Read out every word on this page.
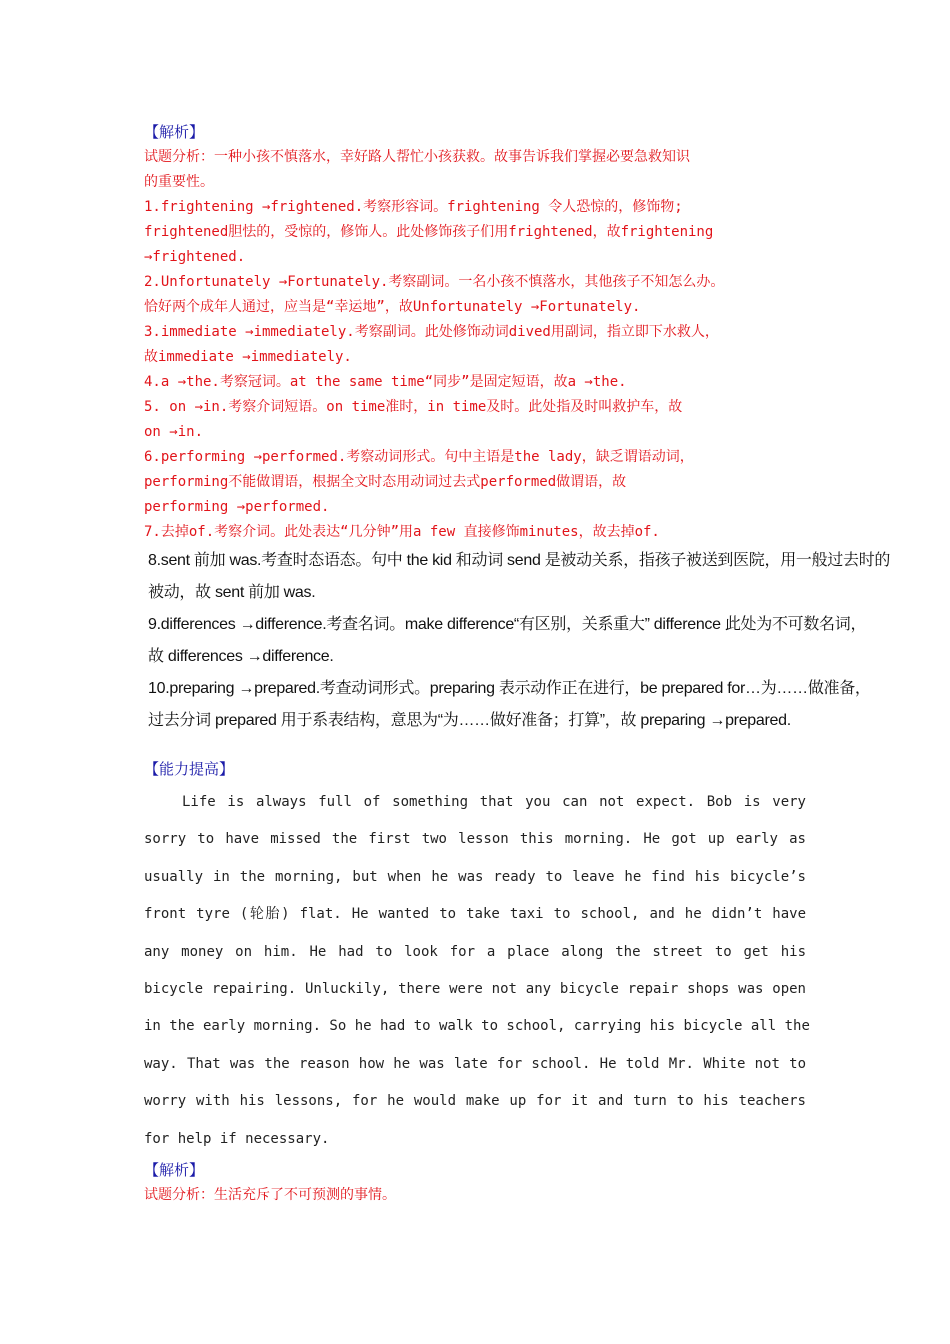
【解析】
试题分析：一种小孩不慎落水，幸好路人帮忙小孩获救。故事告诉我们掌握必要急救知识
的重要性。
1.frightening →frightened.考察形容词。frightening 令人恐惊的，修饰物;
frightened胆怯的，受惊的，修饰人。此处修饰孩子们用frightened，故frightening
→frightened.
2.Unfortunately →Fortunately.考察副词。一名小孩不慎落水，其他孩子不知怎么办。
恰好两个成年人通过，应当是“幸运地”，故Unfortunately →Fortunately.
3.immediate →immediately.考察副词。此处修饰动词dived用副词，指立即下水救人，
故immediate →immediately.
4.a →the.考察冠词。at the same time“同步”是固定短语，故a →the.
5. on →in.考察介词短语。on time准时，in time及时。此处指及时叫救护车，故
on →in.
6.performing →performed.考察动词形式。句中主语是the lady，缺乏谓语动词，
performing不能做谓语，根据全文时态用动词过去式performed做谓语，故
performing →performed.
7.去掉of.考察介词。此处表达“几分钟”用a few 直接修饰minutes，故去掉of.
8.sent 前加 was.考查时态语态。句中 the kid 和动词 send 是被动关系，指孩子被送到医院，用一般过去时的
被动，故 sent 前加 was.
9.differences →difference.考查名词。make difference“有区别，关系重大” difference 此处为不可数名词，
故 differences →difference.
10.preparing →prepared.考查动词形式。preparing 表示动作正在进行，be prepared for…为……做准备，
过去分词 prepared 用于系表结构，意思为“为……做好准备；打算”，故 preparing →prepared.
【能力提高】
Life is always full of something that you can not expect. Bob is very
sorry to have missed the first two lesson this morning. He got up early as
usually in the morning, but when he was ready to leave he find his bicycle’s
front tyre (轮胎) flat. He wanted to take taxi to school, and he didn’t have
any money on him. He had to look for a place along the street to get his
bicycle repairing. Unluckily, there were not any bicycle repair shops was open
in the early morning. So he had to walk to school, carrying his bicycle all the
way. That was the reason how he was late for school. He told Mr. White not to
worry with his lessons, for he would make up for it and turn to his teachers
for help if necessary.
【解析】
试题分析：生活充斥了不可预测的事情。
